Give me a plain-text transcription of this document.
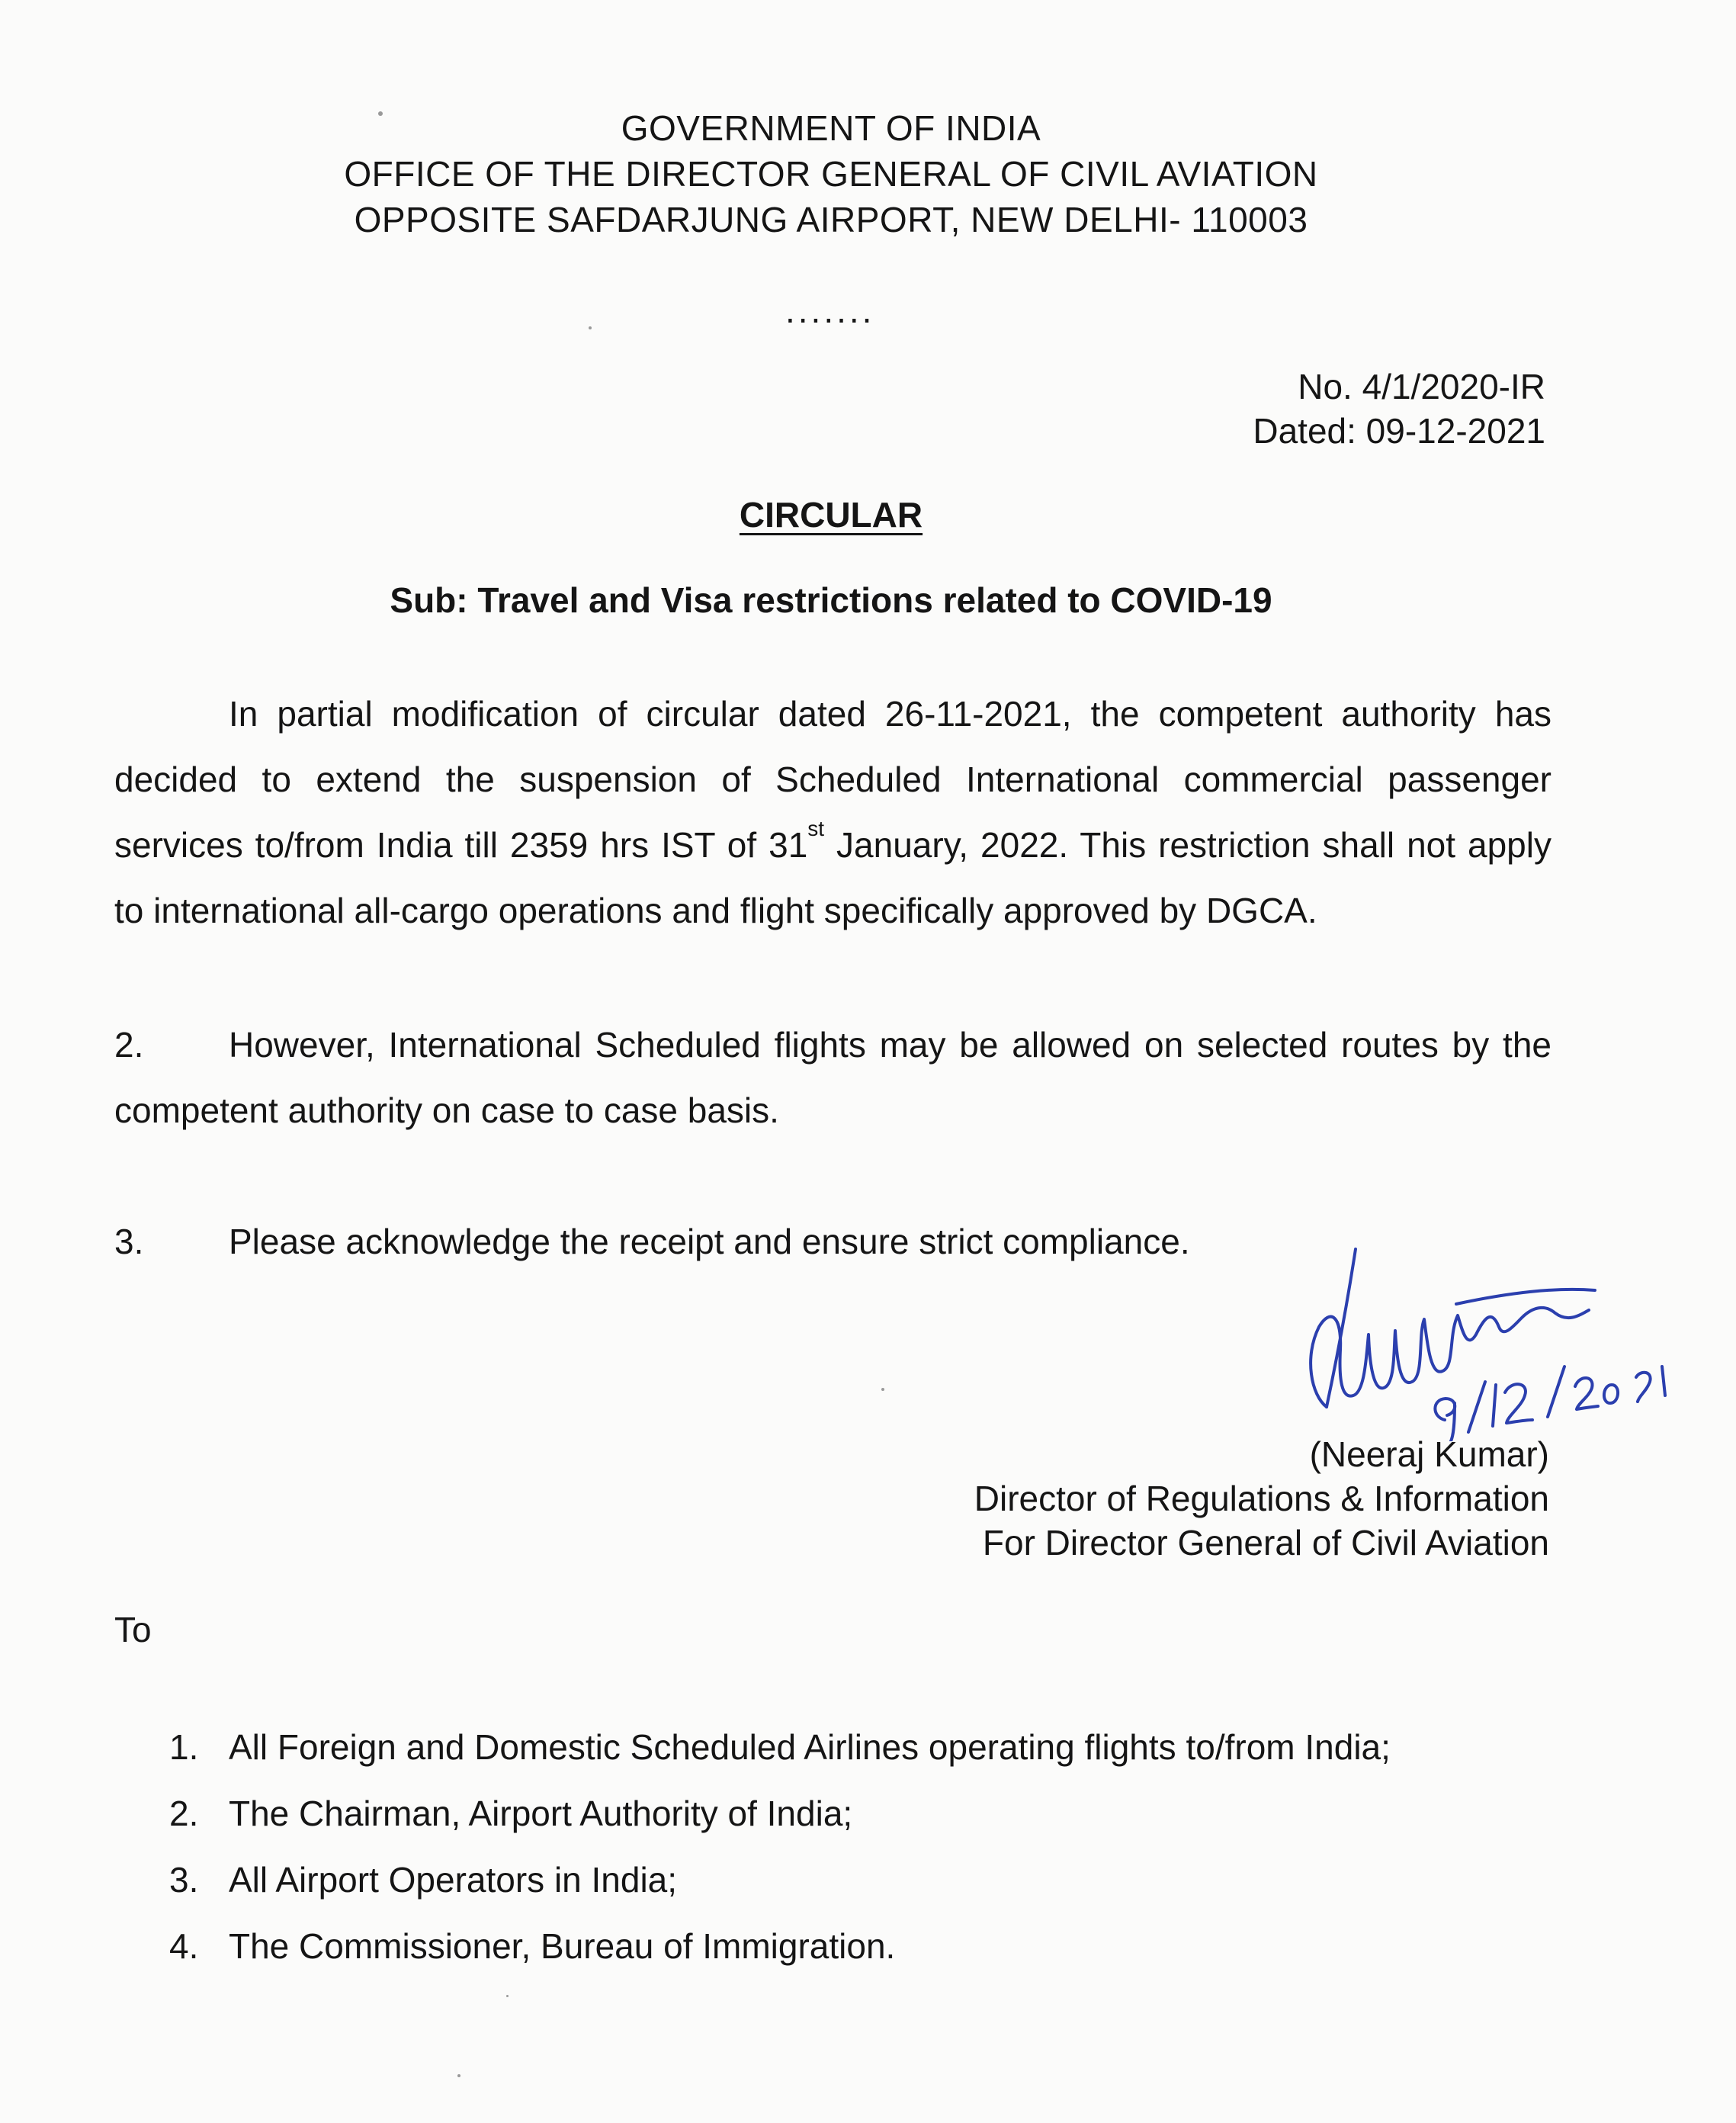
GOVERNMENT OF INDIA
OFFICE OF THE DIRECTOR GENERAL OF CIVIL AVIATION
OPPOSITE SAFDARJUNG AIRPORT, NEW DELHI- 110003
.......
No. 4/1/2020-IR
Dated: 09-12-2021
CIRCULAR
Sub: Travel and Visa restrictions related to COVID-19
In partial modification of circular dated 26-11-2021, the competent authority has decided to extend the suspension of Scheduled International commercial passenger services to/from India till 2359 hrs IST of 31st January, 2022. This restriction shall not apply to international all-cargo operations and flight specifically approved by DGCA.
2. However, International Scheduled flights may be allowed on selected routes by the competent authority on case to case basis.
3. Please acknowledge the receipt and ensure strict compliance.
(Neeraj Kumar)
Director of Regulations & Information
For Director General of Civil Aviation
To
1. All Foreign and Domestic Scheduled Airlines operating flights to/from India;
2. The Chairman, Airport Authority of India;
3. All Airport Operators in India;
4. The Commissioner, Bureau of Immigration.
